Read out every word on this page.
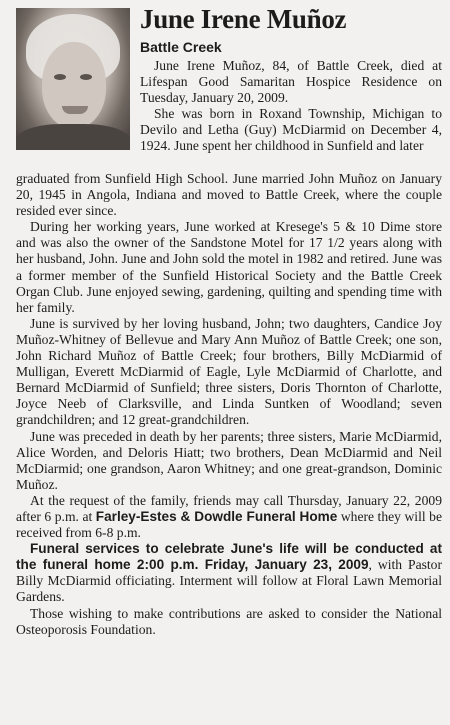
June Irene Muñoz
Battle Creek

June Irene Muñoz, 84, of Battle Creek, died at Lifespan Good Samaritan Hospice Residence on Tuesday, January 20, 2009.

She was born in Roxand Township, Michigan to Devilo and Letha (Guy) McDiarmid on December 4, 1924. June spent her childhood in Sunfield and later

graduated from Sunfield High School. June married John Muñoz on January 20, 1945 in Angola, Indiana and moved to Battle Creek, where the couple resided ever since.

During her working years, June worked at Kresege's 5 & 10 Dime store and was also the owner of the Sandstone Motel for 17 1/2 years along with her husband, John. June and John sold the motel in 1982 and retired. June was a former member of the Sunfield Historical Society and the Battle Creek Organ Club. June enjoyed sewing, gardening, quilting and spending time with her family.

June is survived by her loving husband, John; two daughters, Candice Joy Muñoz-Whitney of Bellevue and Mary Ann Muñoz of Battle Creek; one son, John Richard Muñoz of Battle Creek; four brothers, Billy McDiarmid of Mulligan, Everett McDiarmid of Eagle, Lyle McDiarmid of Charlotte, and Bernard McDiarmid of Sunfield; three sisters, Doris Thornton of Charlotte, Joyce Neeb of Clarksville, and Linda Suntken of Woodland; seven grandchildren; and 12 great-grandchildren.

June was preceded in death by her parents; three sisters, Marie McDiarmid, Alice Worden, and Deloris Hiatt; two brothers, Dean McDiarmid and Neil McDiarmid; one grandson, Aaron Whitney; and one great-grandson, Dominic Muñoz.

At the request of the family, friends may call Thursday, January 22, 2009 after 6 p.m. at Farley-Estes & Dowdle Funeral Home where they will be received from 6-8 p.m.

Funeral services to celebrate June's life will be conducted at the funeral home 2:00 p.m. Friday, January 23, 2009, with Pastor Billy McDiarmid officiating. Interment will follow at Floral Lawn Memorial Gardens.

Those wishing to make contributions are asked to consider the National Osteoporosis Foundation.
